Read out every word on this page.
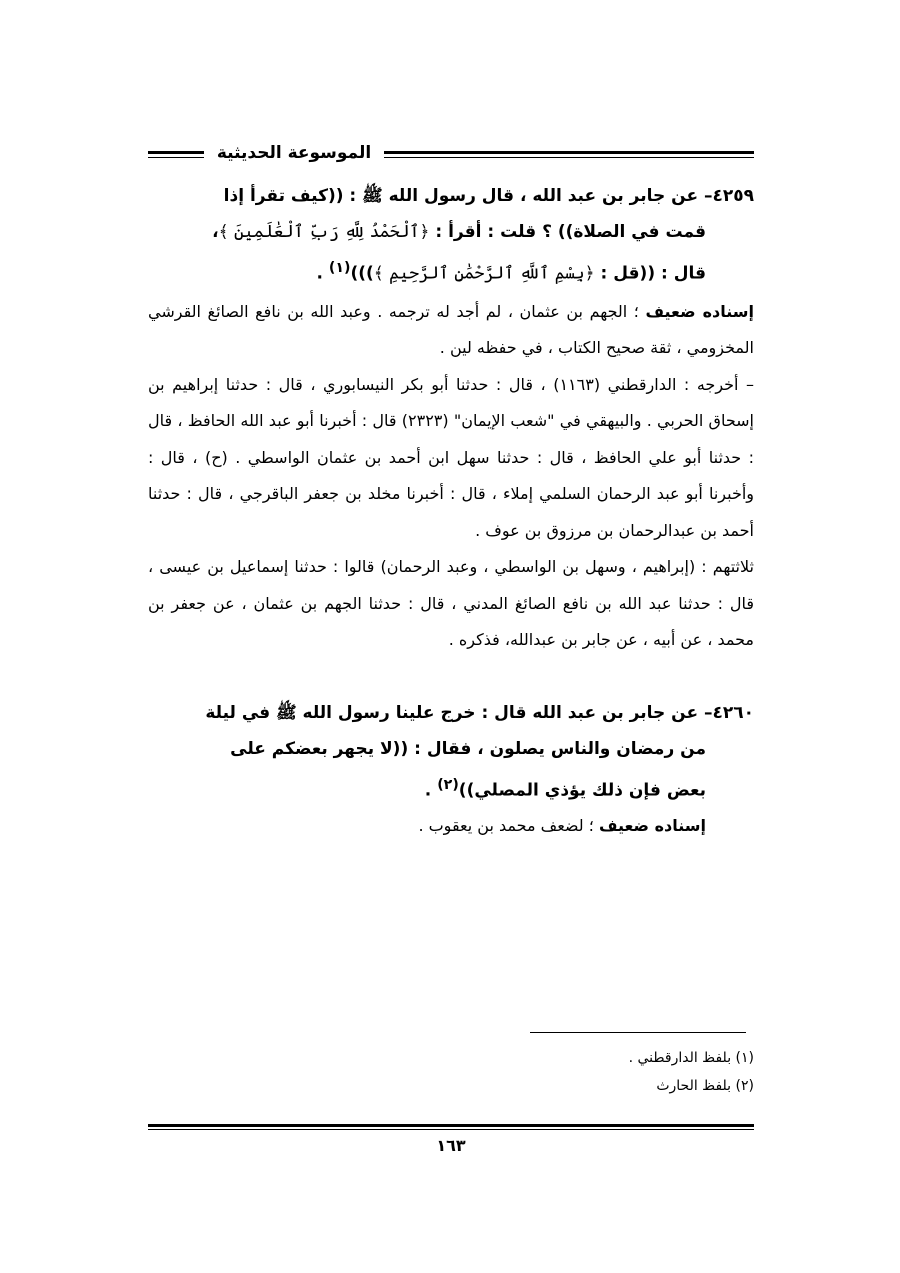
الموسوعة الحديثية
٤٢٥٩– عن جابر بن عبد الله ، قال رسول الله ﷺ : ((كيف تقرأ إذا
قمت في الصلاة)) ؟ قلت : أقرأ : ﴿ٱلْحَمْدُ لِلَّهِ رَبِّ ٱلْعَٰلَمِينَ ﴾،
قال : ((قل : ﴿بِسْمِ ٱللَّهِ ٱلرَّحْمَٰنِ ٱلرَّحِيمِ ﴾)))$^{(١)}$ .
إسناده ضعيف ؛ الجهم بن عثمان ، لم أجد له ترجمه . وعبد الله بن نافع الصائغ القرشي المخزومي ، ثقة صحيح الكتاب ، في حفظه لين .
– أخرجه : الدارقطني (١١٦٣) ، قال : حدثنا أبو بكر النيسابوري ، قال : حدثنا إبراهيم بن إسحاق الحربي . والبيهقي في "شعب الإيمان" (٢٣٢٣) قال : أخبرنا أبو عبد الله الحافظ ، قال : حدثنا أبو علي الحافظ ، قال : حدثنا سهل ابن أحمد بن عثمان الواسطي . (ح) ، قال : وأخبرنا أبو عبد الرحمان السلمي إملاء ، قال : أخبرنا مخلد بن جعفر الباقرجي ، قال : حدثنا أحمد بن عبدالرحمان بن مرزوق بن عوف .
ثلاثتهم : (إبراهيم ، وسهل بن الواسطي ، وعبد الرحمان) قالوا : حدثنا إسماعيل بن عيسى ، قال : حدثنا عبد الله بن نافع الصائغ المدني ، قال : حدثنا الجهم بن عثمان ، عن جعفر بن محمد ، عن أبيه ، عن جابر بن عبدالله، فذكره .
٤٢٦٠– عن جابر بن عبد الله قال : خرج علينا رسول الله ﷺ في ليلة
من رمضان والناس يصلون ، فقال : ((لا يجهر بعضكم على
بعض فإن ذلك يؤذي المصلي))$^{(٢)}$ .
إسناده ضعيف ؛ لضعف محمد بن يعقوب .
(١) بلفظ الدارقطني .
(٢) بلفظ الحارث
١٦٣
